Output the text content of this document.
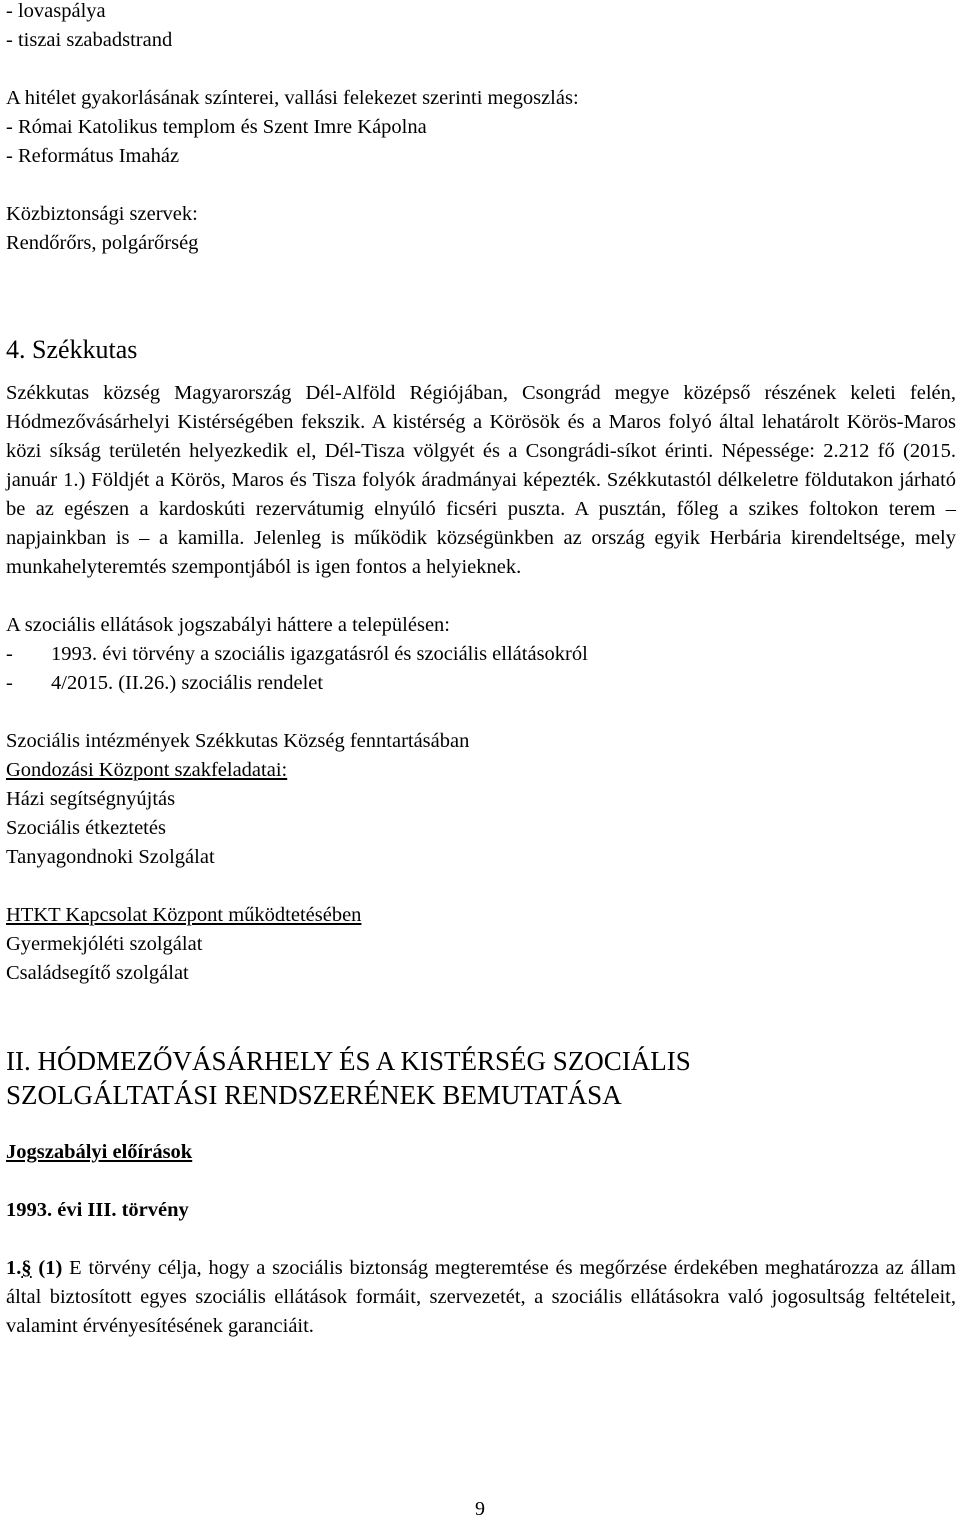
- lovaspálya
- tiszai szabadstrand
A hitélet gyakorlásának színterei, vallási felekezet szerinti megoszlás:
- Római Katolikus templom és Szent Imre Kápolna
- Református Imaház
Közbiztonsági szervek:
Rendőrőrs, polgárőrség
4. Székkutas
Székkutas község Magyarország Dél-Alföld Régiójában, Csongrád megye középső részének keleti felén, Hódmezővásárhelyi Kistérségében fekszik. A kistérség a Körösök és a Maros folyó által lehatárolt Körös-Maros közi síkság területén helyezkedik el, Dél-Tisza völgyét és a Csongrádi-síkot érinti. Népessége: 2.212 fő (2015. január 1.) Földjét a Körös, Maros és Tisza folyók áradmányai képezték. Székkutastól délkeletre földutakon járható be az egészen a kardoskúti rezervátumig elnyúló ficséri puszta. A pusztán, főleg a szikes foltokon terem – napjainkban is – a kamilla. Jelenleg is működik községünkben az ország egyik Herbária kirendeltsége, mely munkahelyteremtés szempontjából is igen fontos a helyieknek.
A szociális ellátások jogszabályi háttere a településen:
- 1993. évi törvény a szociális igazgatásról és szociális ellátásokról
- 4/2015. (II.26.) szociális rendelet
Szociális intézmények Székkutas Község fenntartásában
Gondozási Központ szakfeladatai:
Házi segítségnyújtás
Szociális étkeztetés
Tanyagondnoki Szolgálat
HTKT Kapcsolat Központ működtetésében
Gyermekjóléti szolgálat
Családsegítő szolgálat
II. HÓDMEZŐVÁSÁRHELY ÉS A KISTÉRSÉG SZOCIÁLIS
SZOLGÁLTATÁSI RENDSZERÉNEK BEMUTATÁSA
Jogszabályi előírások
1993. évi III. törvény
1.§ (1) E törvény célja, hogy a szociális biztonság megteremtése és megőrzése érdekében meghatározza az állam által biztosított egyes szociális ellátások formáit, szervezetét, a szociális ellátásokra való jogosultság feltételeit, valamint érvényesítésének garanciáit.
9
